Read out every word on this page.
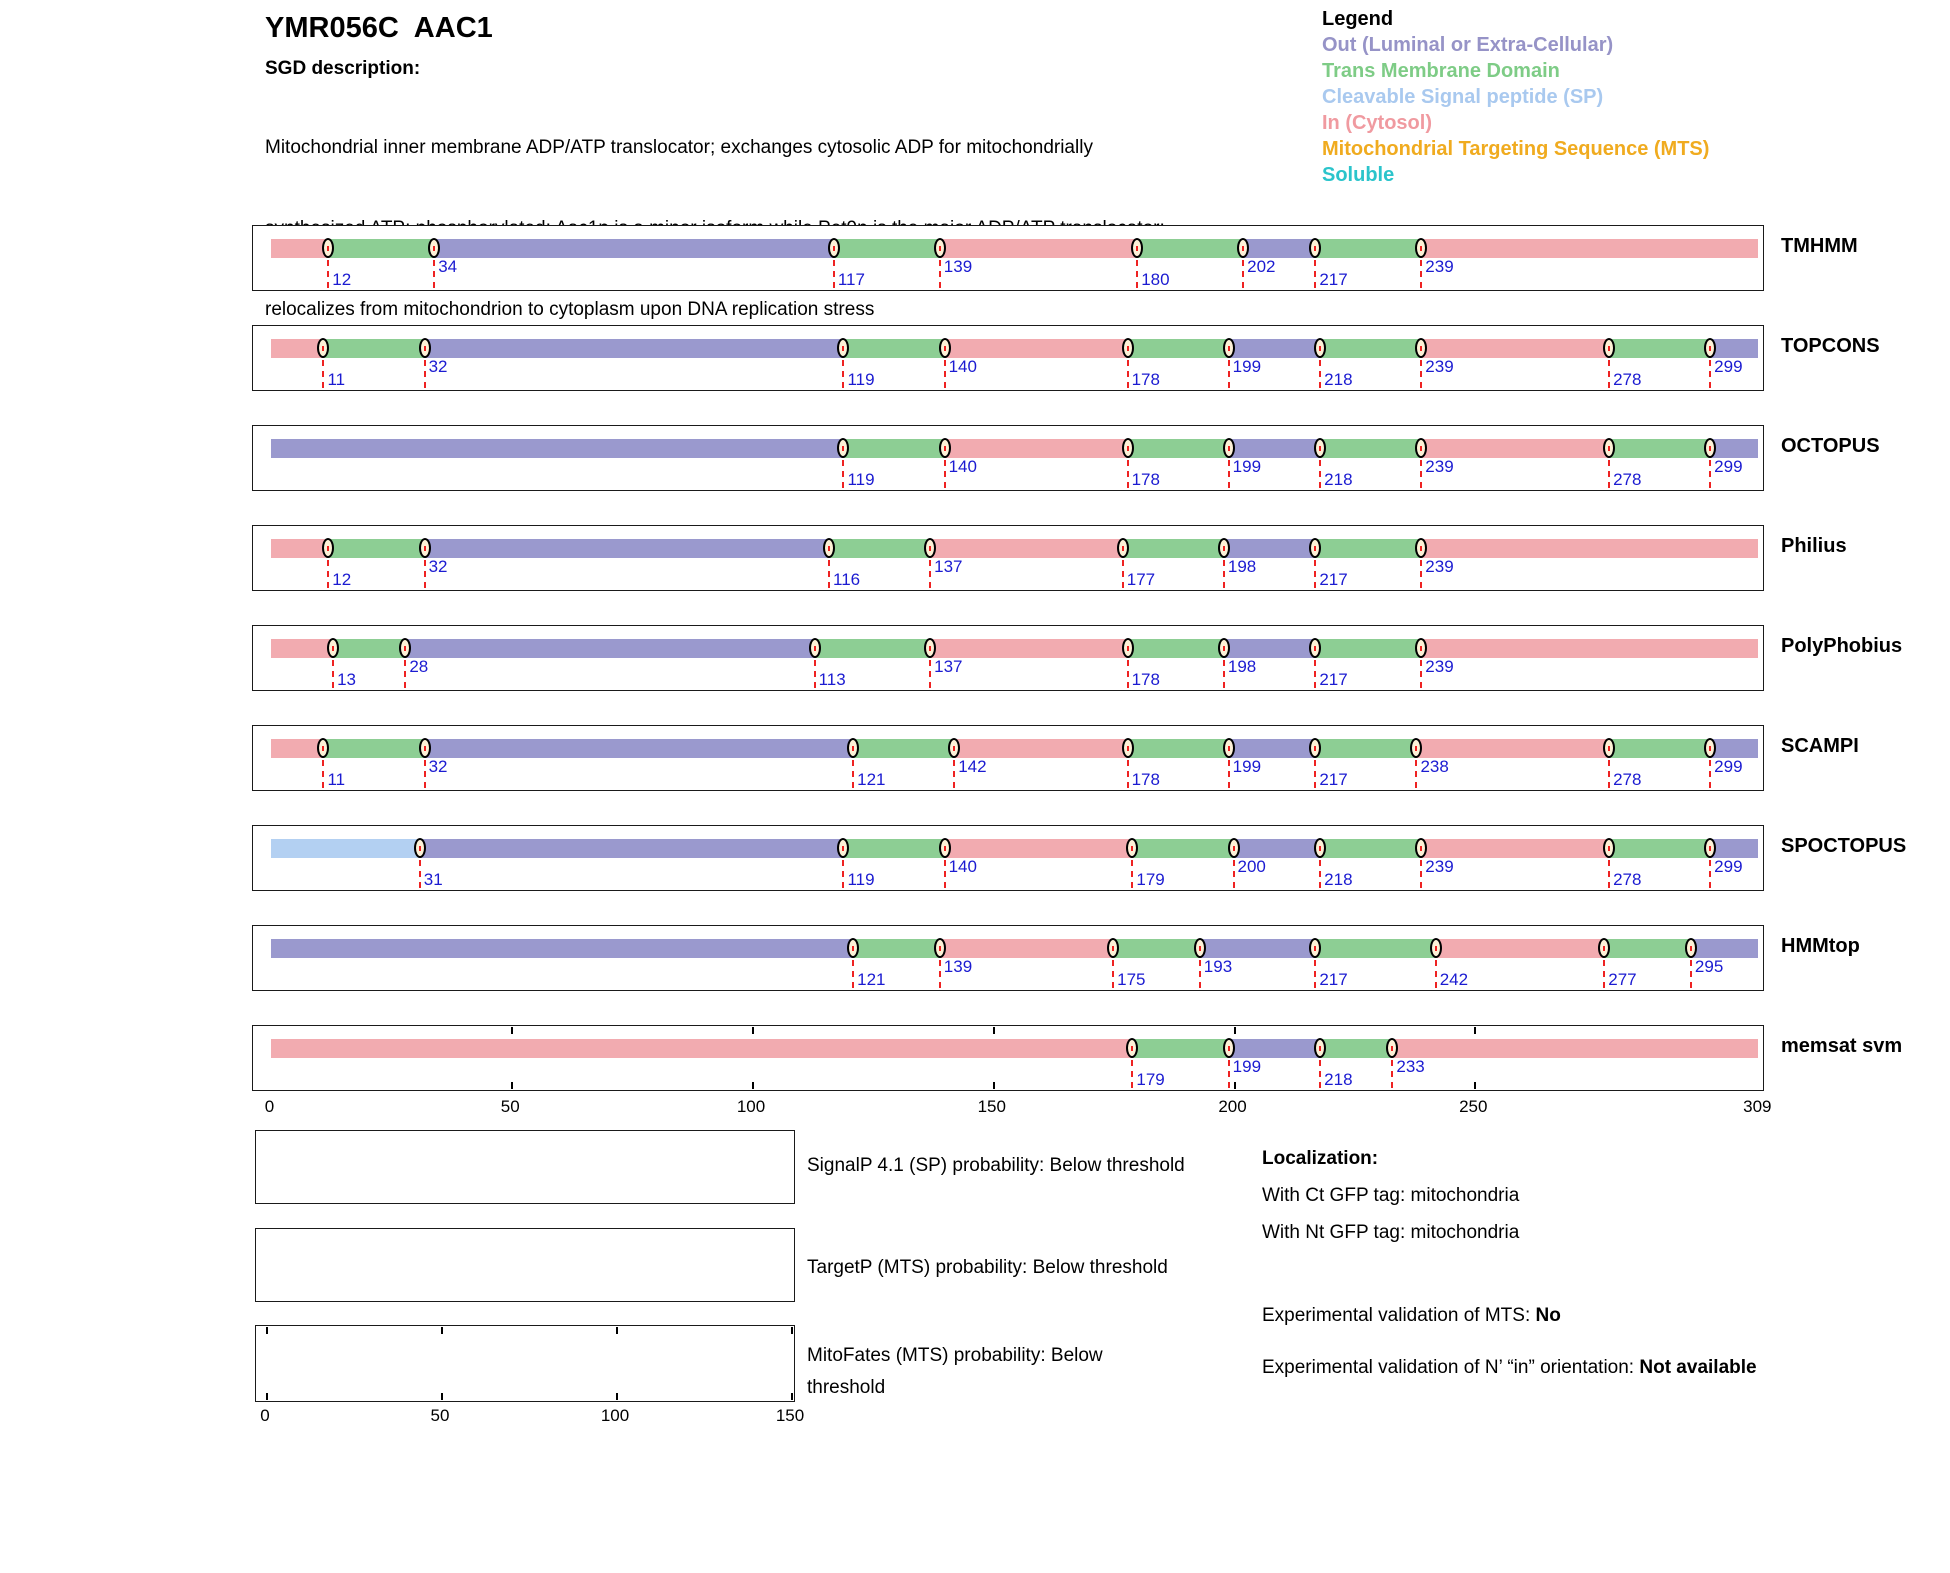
YMR056C  AAC1
SGD description:

Mitochondrial inner membrane ADP/ATP translocator; exchanges cytosolic ADP for mitochondrially

relocalizes from mitochondrion to cytoplasm upon DNA replication stress

Legend
Out (Luminal or Extra-Cellular)
Trans Membrane Domain
Cleavable Signal peptide (SP)
In (Cytosol)
Mitochondrial Targeting Sequence (MTS)
Soluble
12
34
117
139
180
202
217
239
TMHMM
11
32
119
140
178
199
218
239
278
299
TOPCONS
119
140
178
199
218
239
278
299
OCTOPUS
12
32
116
137
177
198
217
239
Philius
13
28
113
137
178
198
217
239
PolyPhobius
11
32
121
142
178
199
217
238
278
299
SCAMPI
31	119
140
179
200
218
239
278
299
SPOCTOPUS
121
139
175
193
217	242	277
295
HMMtop
179
199
218
233
memsat svm
0	50	100	150	200	250	309
SignalP 4.1 (SP) probability: Below threshold
TargetP (MTS) probability: Below threshold
MitoFates (MTS) probability: Below threshold
0	50	100	150
Localization:
With Ct GFP tag: mitochondria
With Nt GFP tag: mitochondria
Experimental validation of MTS: No
Experimental validation of N’ “in” orientation: Not available
